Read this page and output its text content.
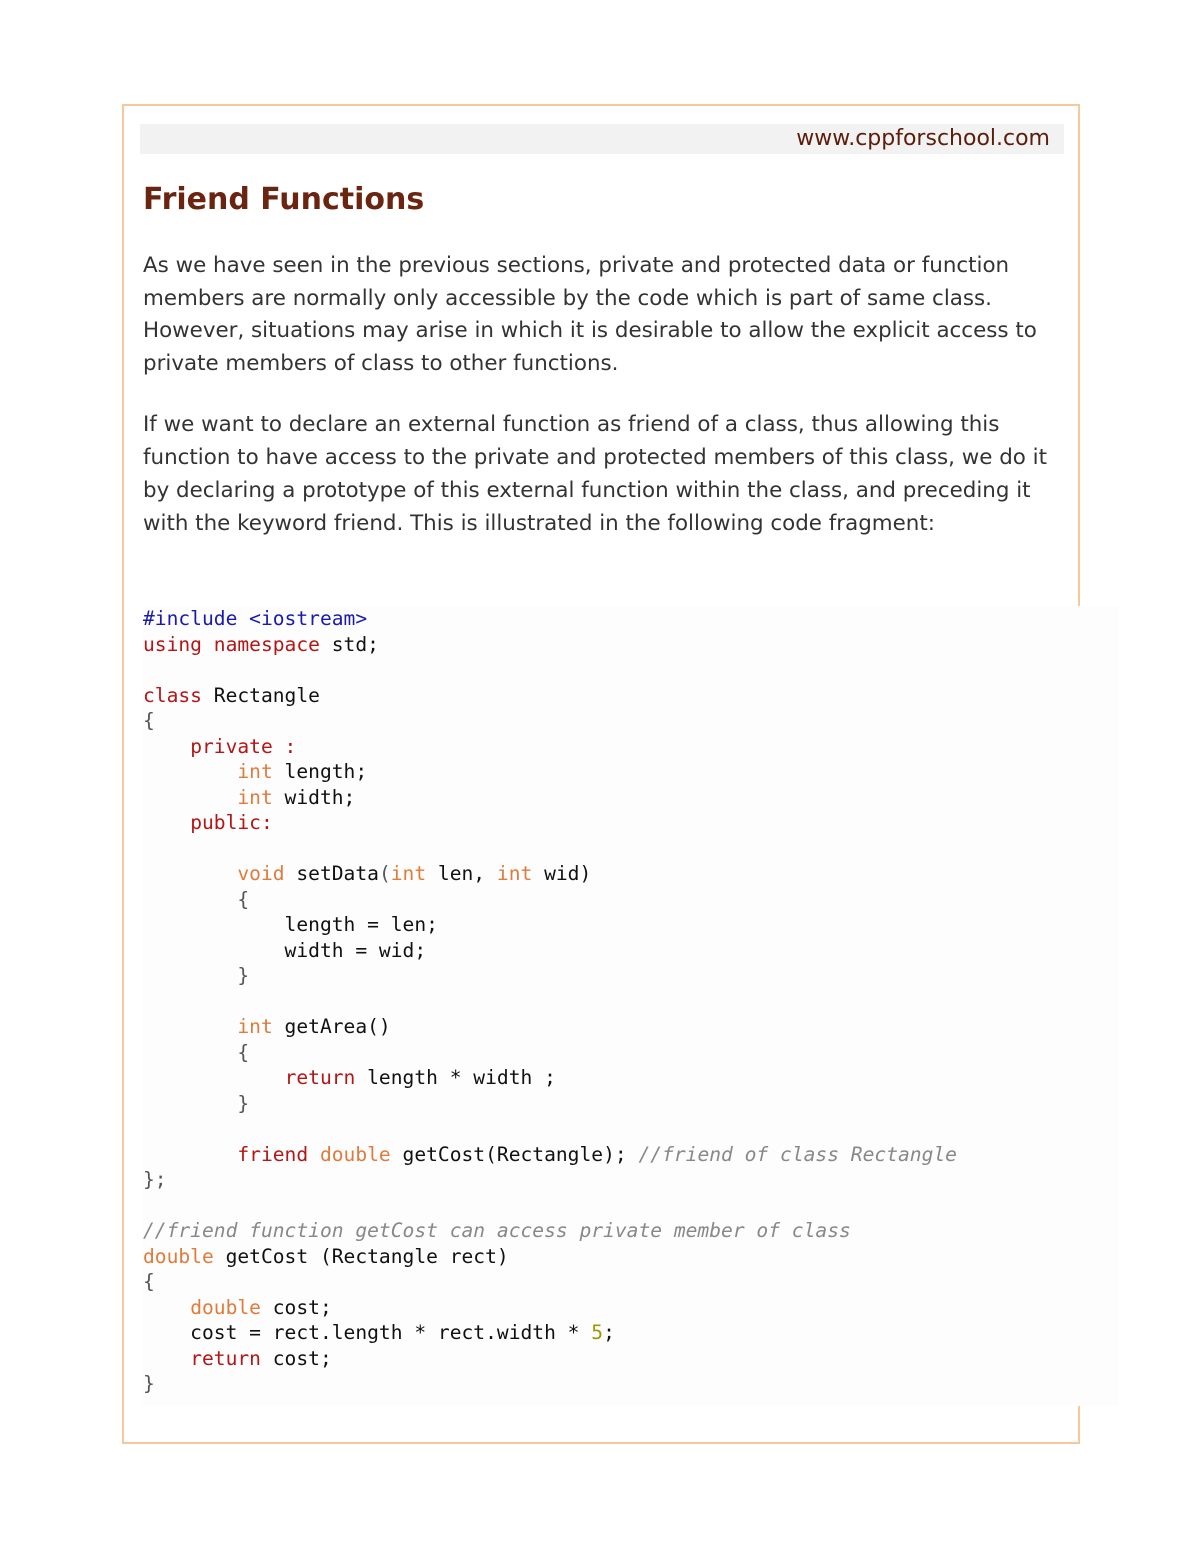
www.cppforschool.com
Friend Functions

As we have seen in the previous sections, private and protected data or function members are normally only accessible by the code which is part of same class. However, situations may arise in which it is desirable to allow the explicit access to private members of class to other functions.

If we want to declare an external function as friend of a class, thus allowing this function to have access to the private and protected members of this class, we do it by declaring a prototype of this external function within the class, and preceding it with the keyword friend. This is illustrated in the following code fragment:

#include <iostream>
using namespace std;
class Rectangle
{
private :
int length;
int width;
public:
void setData(int len, int wid)
{
length = len;
width = wid;
}
int getArea()
{
return length * width ;
}
friend double getCost(Rectangle); //friend of class Rectangle
};
//friend function getCost can access private member of class
double getCost (Rectangle rect)
{
double cost;
cost = rect.length * rect.width * 5;
return cost;
}
